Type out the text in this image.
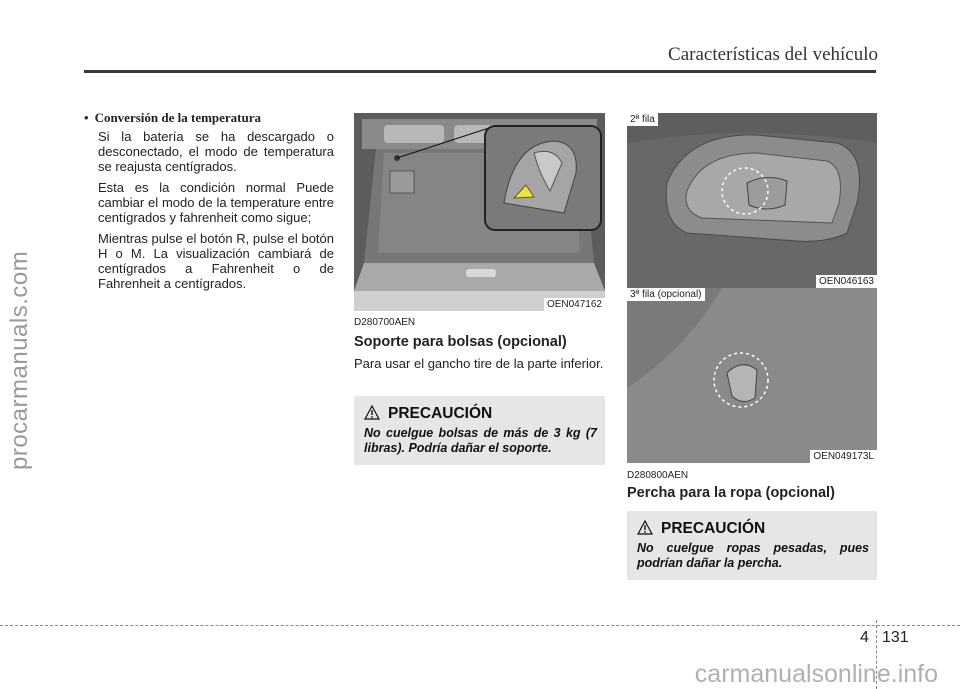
Características del vehículo
procarmanuals.com
carmanualsonline.info
• Conversión de la temperatura

Si la batería se ha descargado o desconectado, el modo de temperatura se reajusta centígrados.

Esta es la condición normal Puede cambiar el modo de la temperature entre centígrados y fahrenheit como sigue;

Mientras pulse el botón R, pulse el botón H o M. La visualización cambiará de centígrados a Fahrenheit o de Fahrenheit a centígrados.

OEN047162
D280700AEN
Soporte para bolsas (opcional)
Para usar el gancho tire de la parte inferior.
PRECAUCIÓN
No cuelgue bolsas de más de 3 kg (7 libras). Podría dañar el soporte.
2ª fila
OEN046163
3ª fila (opcional)
OEN049173L
D280800AEN
Percha para la ropa (opcional)
PRECAUCIÓN
No cuelgue ropas pesadas, pues podrían dañar la percha.
4 131
